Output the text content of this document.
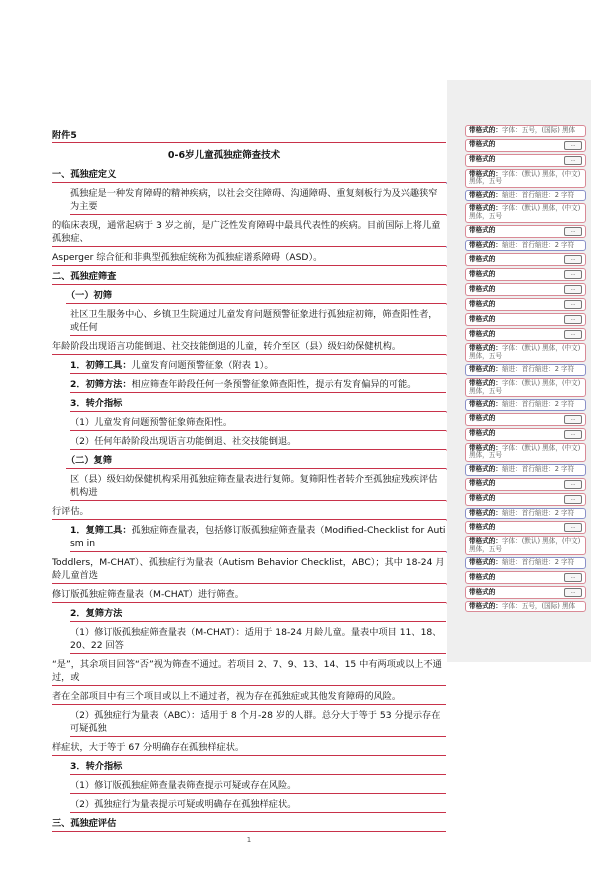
带格式的：字体：五号，(国际) 黑体
带格式的	...
带格式的	...
带格式的：字体：(默认) 黑体，(中文) 黑体，五号
带格式的：缩进：首行缩进：2 字符
带格式的：字体：(默认) 黑体，(中文) 黑体，五号
带格式的	...
带格式的：缩进：首行缩进：2 字符
带格式的	...
带格式的	...
带格式的	...
带格式的	...
带格式的	...
带格式的	...
带格式的：字体：(默认) 黑体，(中文) 黑体，五号
带格式的：缩进：首行缩进：2 字符
带格式的：字体：(默认) 黑体，(中文) 黑体，五号
带格式的：缩进：首行缩进：2 字符
带格式的	...
带格式的	...
带格式的：字体：(默认) 黑体，(中文) 黑体，五号
带格式的：缩进：首行缩进：2 字符
带格式的	...
带格式的	...
带格式的：缩进：首行缩进：2 字符
带格式的	...
带格式的：字体：(默认) 黑体，(中文) 黑体，五号
带格式的：缩进：首行缩进：2 字符
带格式的	...
带格式的	...
带格式的：字体：五号，(国际) 黑体
附件5
0-6岁儿童孤独症筛查技术
一、孤独症定义
孤独症是一种发育障碍的精神疾病，以社会交往障碍、沟通障碍、重复刻板行为及兴趣狭窄为主要
的临床表现，通常起病于 3 岁之前，是广泛性发育障碍中最具代表性的疾病。目前国际上将儿童孤独症、
Asperger 综合征和非典型孤独症统称为孤独症谱系障碍（ASD）。
二、孤独症筛查
（一）初筛
社区卫生服务中心、乡镇卫生院通过儿童发育问题预警征象进行孤独症初筛，筛查阳性者，或任何
年龄阶段出现语言功能倒退、社交技能倒退的儿童，转介至区（县）级妇幼保健机构。
1．初筛工具：儿童发育问题预警征象（附表 1）。
2．初筛方法：相应筛查年龄段任何一条预警征象筛查阳性，提示有发育偏异的可能。
3．转介指标
（1）儿童发育问题预警征象筛查阳性。
（2）任何年龄阶段出现语言功能倒退、社交技能倒退。
（二）复筛
区（县）级妇幼保健机构采用孤独症筛查量表进行复筛。复筛阳性者转介至孤独症残疾评估机构进
行评估。
1．复筛工具：孤独症筛查量表，包括修订版孤独症筛查量表（Modified-Checklist for Autism in
Toddlers，M-CHAT）、孤独症行为量表（Autism Behavior Checklist，ABC）；其中 18-24 月龄儿童首选
修订版孤独症筛查量表（M-CHAT）进行筛查。
2．复筛方法
（1）修订版孤独症筛查量表（M-CHAT）：适用于 18-24 月龄儿童。量表中项目 11、18、20、22 回答
“是”，其余项目回答“否”视为筛查不通过。若项目 2、7、9、13、14、15 中有两项或以上不通过，或
者在全部项目中有三个项目或以上不通过者，视为存在孤独症或其他发育障碍的风险。
（2）孤独症行为量表（ABC）：适用于 8 个月-28 岁的人群。总分大于等于 53 分提示存在可疑孤独
样症状，大于等于 67 分明确存在孤独样症状。
3．转介指标
（1）修订版孤独症筛查量表筛查提示可疑或存在风险。
（2）孤独症行为量表提示可疑或明确存在孤独样症状。
三、孤独症评估
1
